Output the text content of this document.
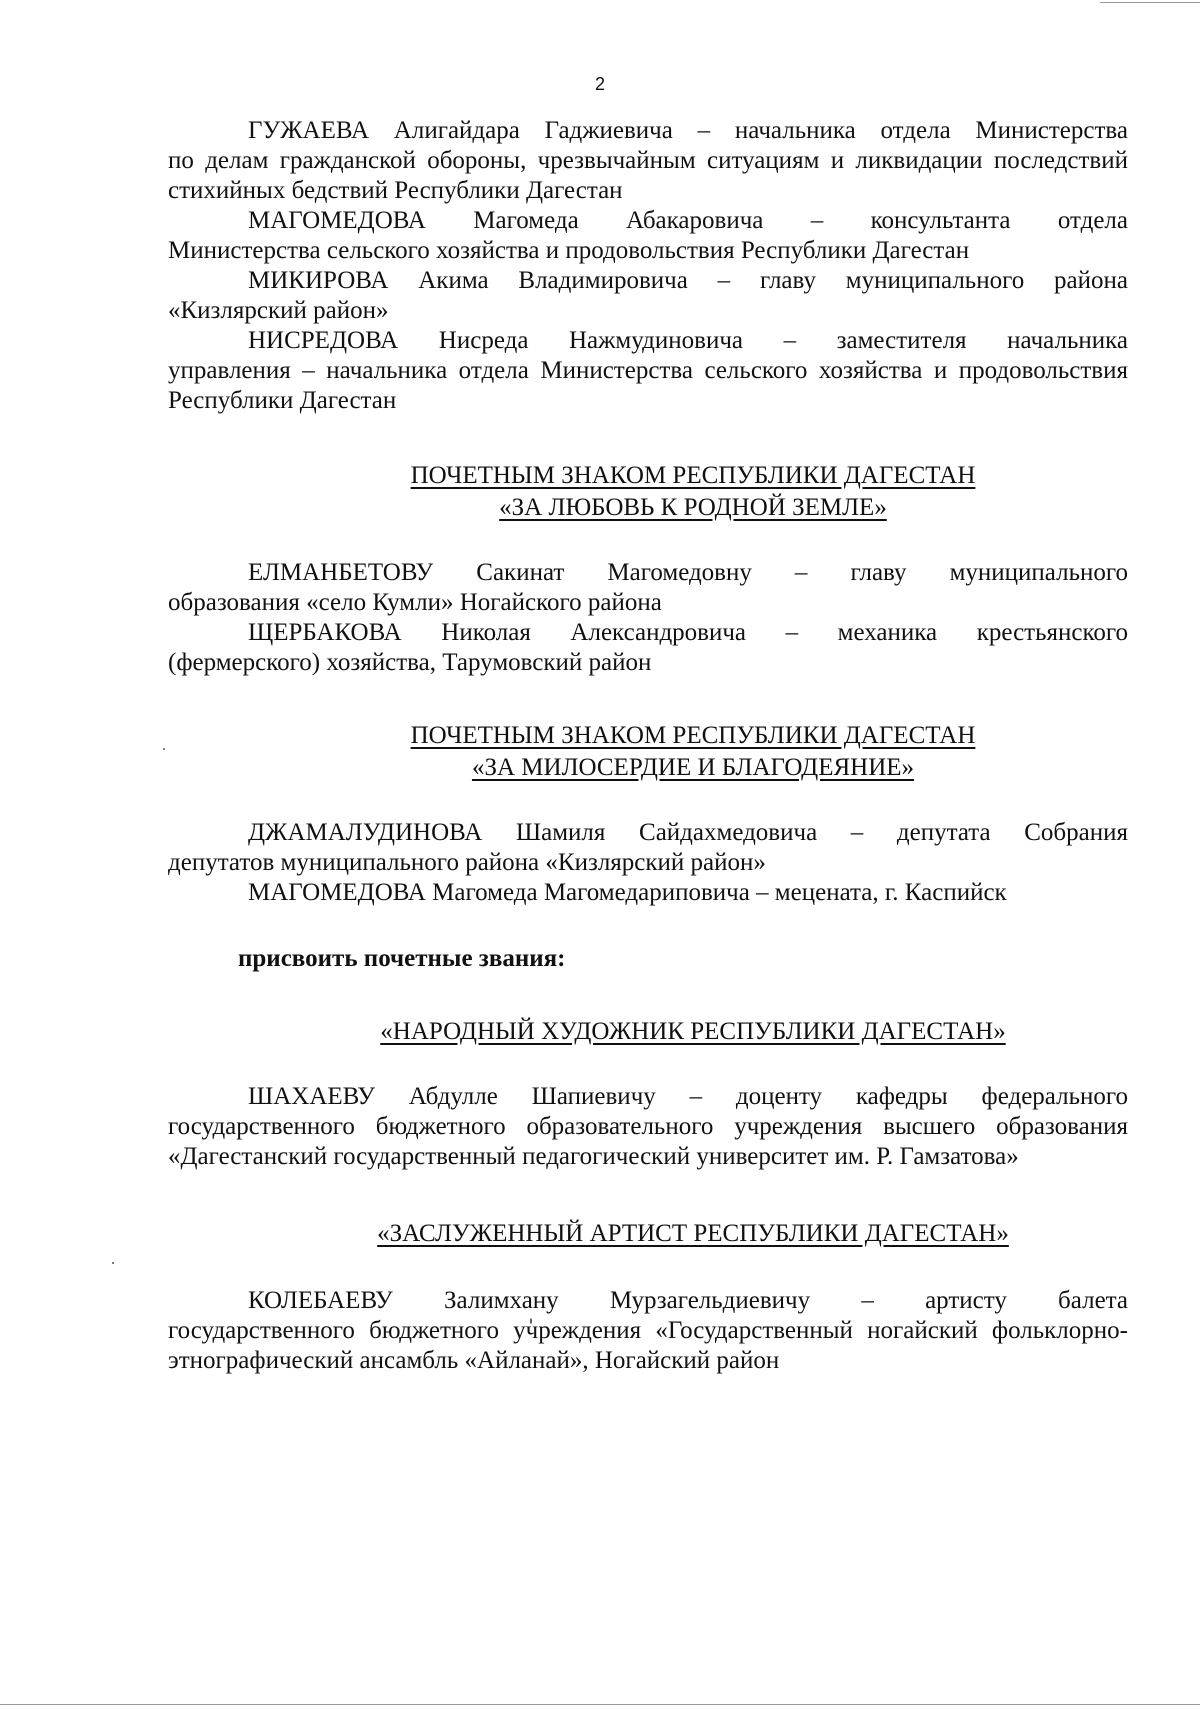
2

ГУЖАЕВА Алигайдара Гаджиевича – начальника отдела Министерства
по делам гражданской обороны, чрезвычайным ситуациям и ликвидации последствий стихийных бедствий Республики Дагестан

МАГОМЕДОВА Магомеда Абакаровича – консультанта отдела
Министерства сельского хозяйства и продовольствия Республики Дагестан

МИКИРОВА Акима Владимировича – главу муниципального района
«Кизлярский район»

НИСРЕДОВА Нисреда Нажмудиновича – заместителя начальника
управления – начальника отдела Министерства сельского хозяйства и продовольствия Республики Дагестан

ПОЧЕТНЫМ ЗНАКОМ РЕСПУБЛИКИ ДАГЕСТАН
«ЗА ЛЮБОВЬ К РОДНОЙ ЗЕМЛЕ»

ЕЛМАНБЕТОВУ Сакинат Магомедовну – главу муниципального
образования «село Кумли» Ногайского района

ЩЕРБАКОВА Николая Александровича – механика крестьянского
(фермерского) хозяйства, Тарумовский район

ПОЧЕТНЫМ ЗНАКОМ РЕСПУБЛИКИ ДАГЕСТАН
«ЗА МИЛОСЕРДИЕ И БЛАГОДЕЯНИЕ»

ДЖАМАЛУДИНОВА Шамиля Сайдахмедовича – депутата Собрания
депутатов муниципального района «Кизлярский район»

МАГОМЕДОВА Магомеда Магомедариповича – мецената, г. Каспийск

присвоить почетные звания:

«НАРОДНЫЙ ХУДОЖНИК РЕСПУБЛИКИ ДАГЕСТАН»

ШАХАЕВУ Абдулле Шапиевичу – доценту кафедры федерального
государственного бюджетного образовательного учреждения высшего образования «Дагестанский государственный педагогический университет им. Р. Гамзатова»

«ЗАСЛУЖЕННЫЙ АРТИСТ РЕСПУБЛИКИ ДАГЕСТАН»

КОЛЕБАЕВУ Залимхану Мурзагельдиевичу – артисту балета
государственного бюджетного учреждения «Государственный ногайский фольклорно-этнографический ансамбль «Айланай», Ногайский район
